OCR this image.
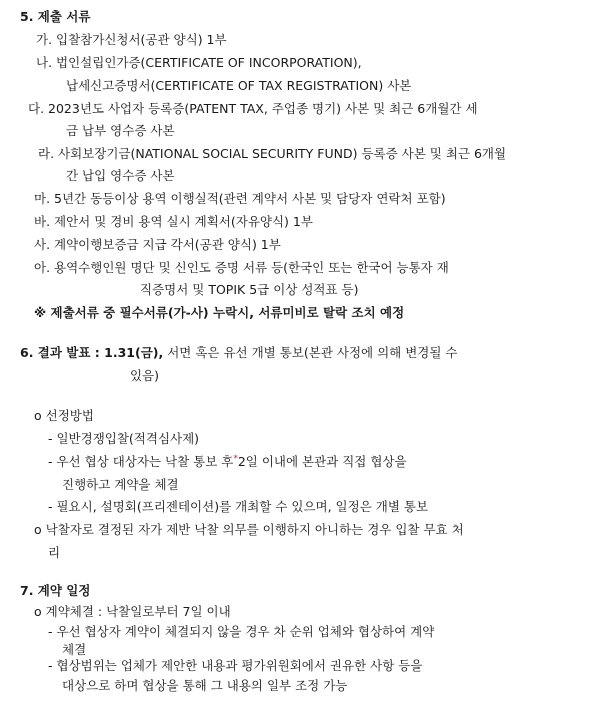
5. 제출 서류
가. 입찰참가신청서(공관 양식) 1부
나. 법인설립인가증(CERTIFICATE OF INCORPORATION),
납세신고증명서(CERTIFICATE OF TAX REGISTRATION) 사본
다. 2023년도 사업자 등록증(PATENT TAX, 주업종 명기) 사본 및 최근 6개월간 세
금 납부 영수증 사본
라. 사회보장기금(NATIONAL SOCIAL SECURITY FUND) 등록증 사본 및 최근 6개월
간 납입 영수증 사본
마. 5년간 동등이상 용역 이행실적(관련 계약서 사본 및 담당자 연락처 포함)
바. 제안서 및 경비 용역 실시 계획서(자유양식) 1부
사. 계약이행보증금 지급 각서(공관 양식) 1부
아. 용역수행인원 명단 및 신인도 증명 서류 등(한국인 또는 한국어 능통자 재
직증명서 및 TOPIK 5급 이상 성적표 등)
※ 제출서류 중 필수서류(가-사) 누락시, 서류미비로 탈락 조치 예정
6. 결과 발표 : 1.31(금), 서면 혹은 유선 개별 통보(본관 사정에 의해 변경될 수
있음)
o 선정방법
- 일반경쟁입찰(적격심사제)
- 우선 협상 대상자는 낙찰 통보 후*2일 이내에 본관과 직접 협상을
진행하고 계약을 체결
- 필요시, 설명회(프리젠테이션)를 개최할 수 있으며, 일정은 개별 통보
o 낙찰자로 결정된 자가 제반 낙찰 의무를 이행하지 아니하는 경우 입찰 무효 처
리
7. 계약 일정
o 계약체결 : 낙찰일로부터 7일 이내
- 우선 협상자 계약이 체결되지 않을 경우 차 순위 업체와 협상하여 계약
체결
- 협상범위는 업체가 제안한 내용과 평가위원회에서 권유한 사항 등을
대상으로 하며 협상을 통해 그 내용의 일부 조정 가능
